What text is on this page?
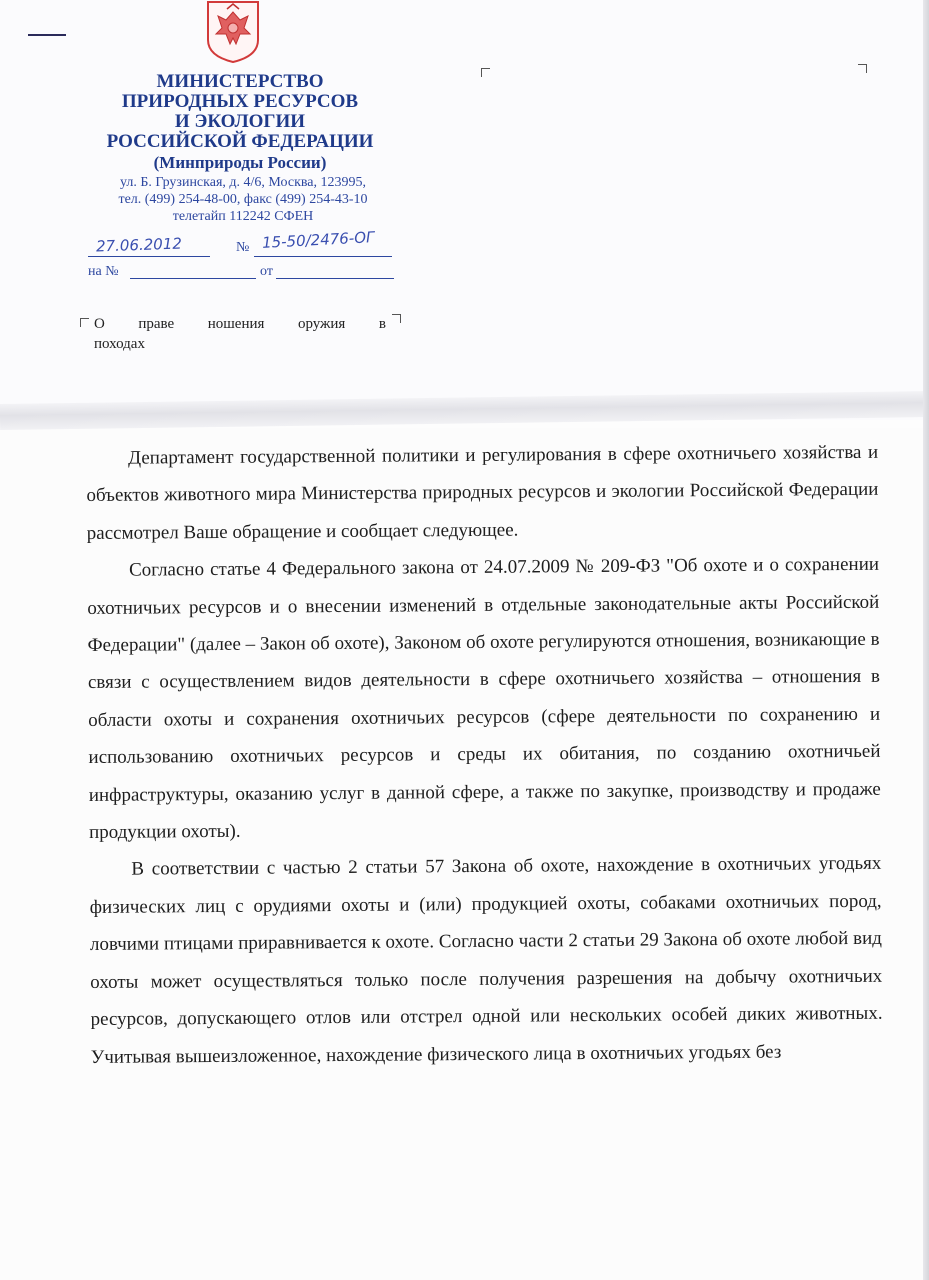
МИНИСТЕРСТВО
ПРИРОДНЫХ РЕСУРСОВ
И ЭКОЛОГИИ
РОССИЙСКОЙ ФЕДЕРАЦИИ
(Минприроды России)
ул. Б. Грузинская, д. 4/6, Москва, 123995,
тел. (499) 254-48-00, факс (499) 254-43-10
телетайп 112242 СФЕН
27.06.2012	№ 15-50/2476-ОГ
на №	от
О праве ношения оружия в
походах

Департамент государственной политики и регулирования в сфере охотничьего хозяйства и объектов животного мира Министерства природных ресурсов и экологии Российской Федерации рассмотрел Ваше обращение и сообщает следующее.

Согласно статье 4 Федерального закона от 24.07.2009 № 209-ФЗ "Об охоте и о сохранении охотничьих ресурсов и о внесении изменений в отдельные законодательные акты Российской Федерации" (далее – Закон об охоте), Законом об охоте регулируются отношения, возникающие в связи с осуществлением видов деятельности в сфере охотничьего хозяйства – отношения в области охоты и сохранения охотничьих ресурсов (сфере деятельности по сохранению и использованию охотничьих ресурсов и среды их обитания, по созданию охотничьей инфраструктуры, оказанию услуг в данной сфере, а также по закупке, производству и продаже продукции охоты).

В соответствии с частью 2 статьи 57 Закона об охоте, нахождение в охотничьих угодьях физических лиц с орудиями охоты и (или) продукцией охоты, собаками охотничьих пород, ловчими птицами приравнивается к охоте. Согласно части 2 статьи 29 Закона об охоте любой вид охоты может осуществляться только после получения разрешения на добычу охотничьих ресурсов, допускающего отлов или отстрел одной или нескольких особей диких животных. Учитывая вышеизложенное, нахождение физического лица в охотничьих угодьях без
